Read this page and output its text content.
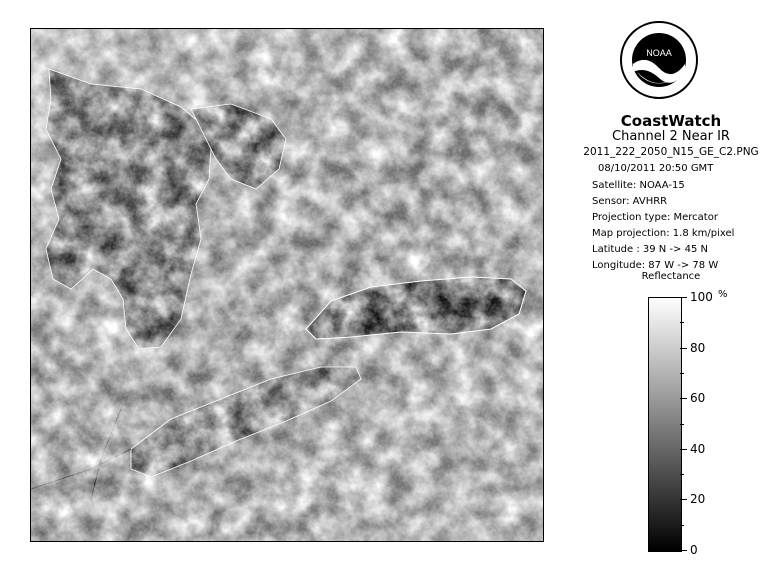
NOAA
CoastWatch
Channel 2 Near IR
2011_222_2050_N15_GE_C2.PNG
08/10/2011 20:50 GMT
Satellite: NOAA-15
Sensor: AVHRR
Projection type: Mercator
Map projection: 1.8 km/pixel
Latitude : 39 N -> 45 N
Longitude: 87 W -> 78 W
Reflectance
%
100
80
60
40
20
0
